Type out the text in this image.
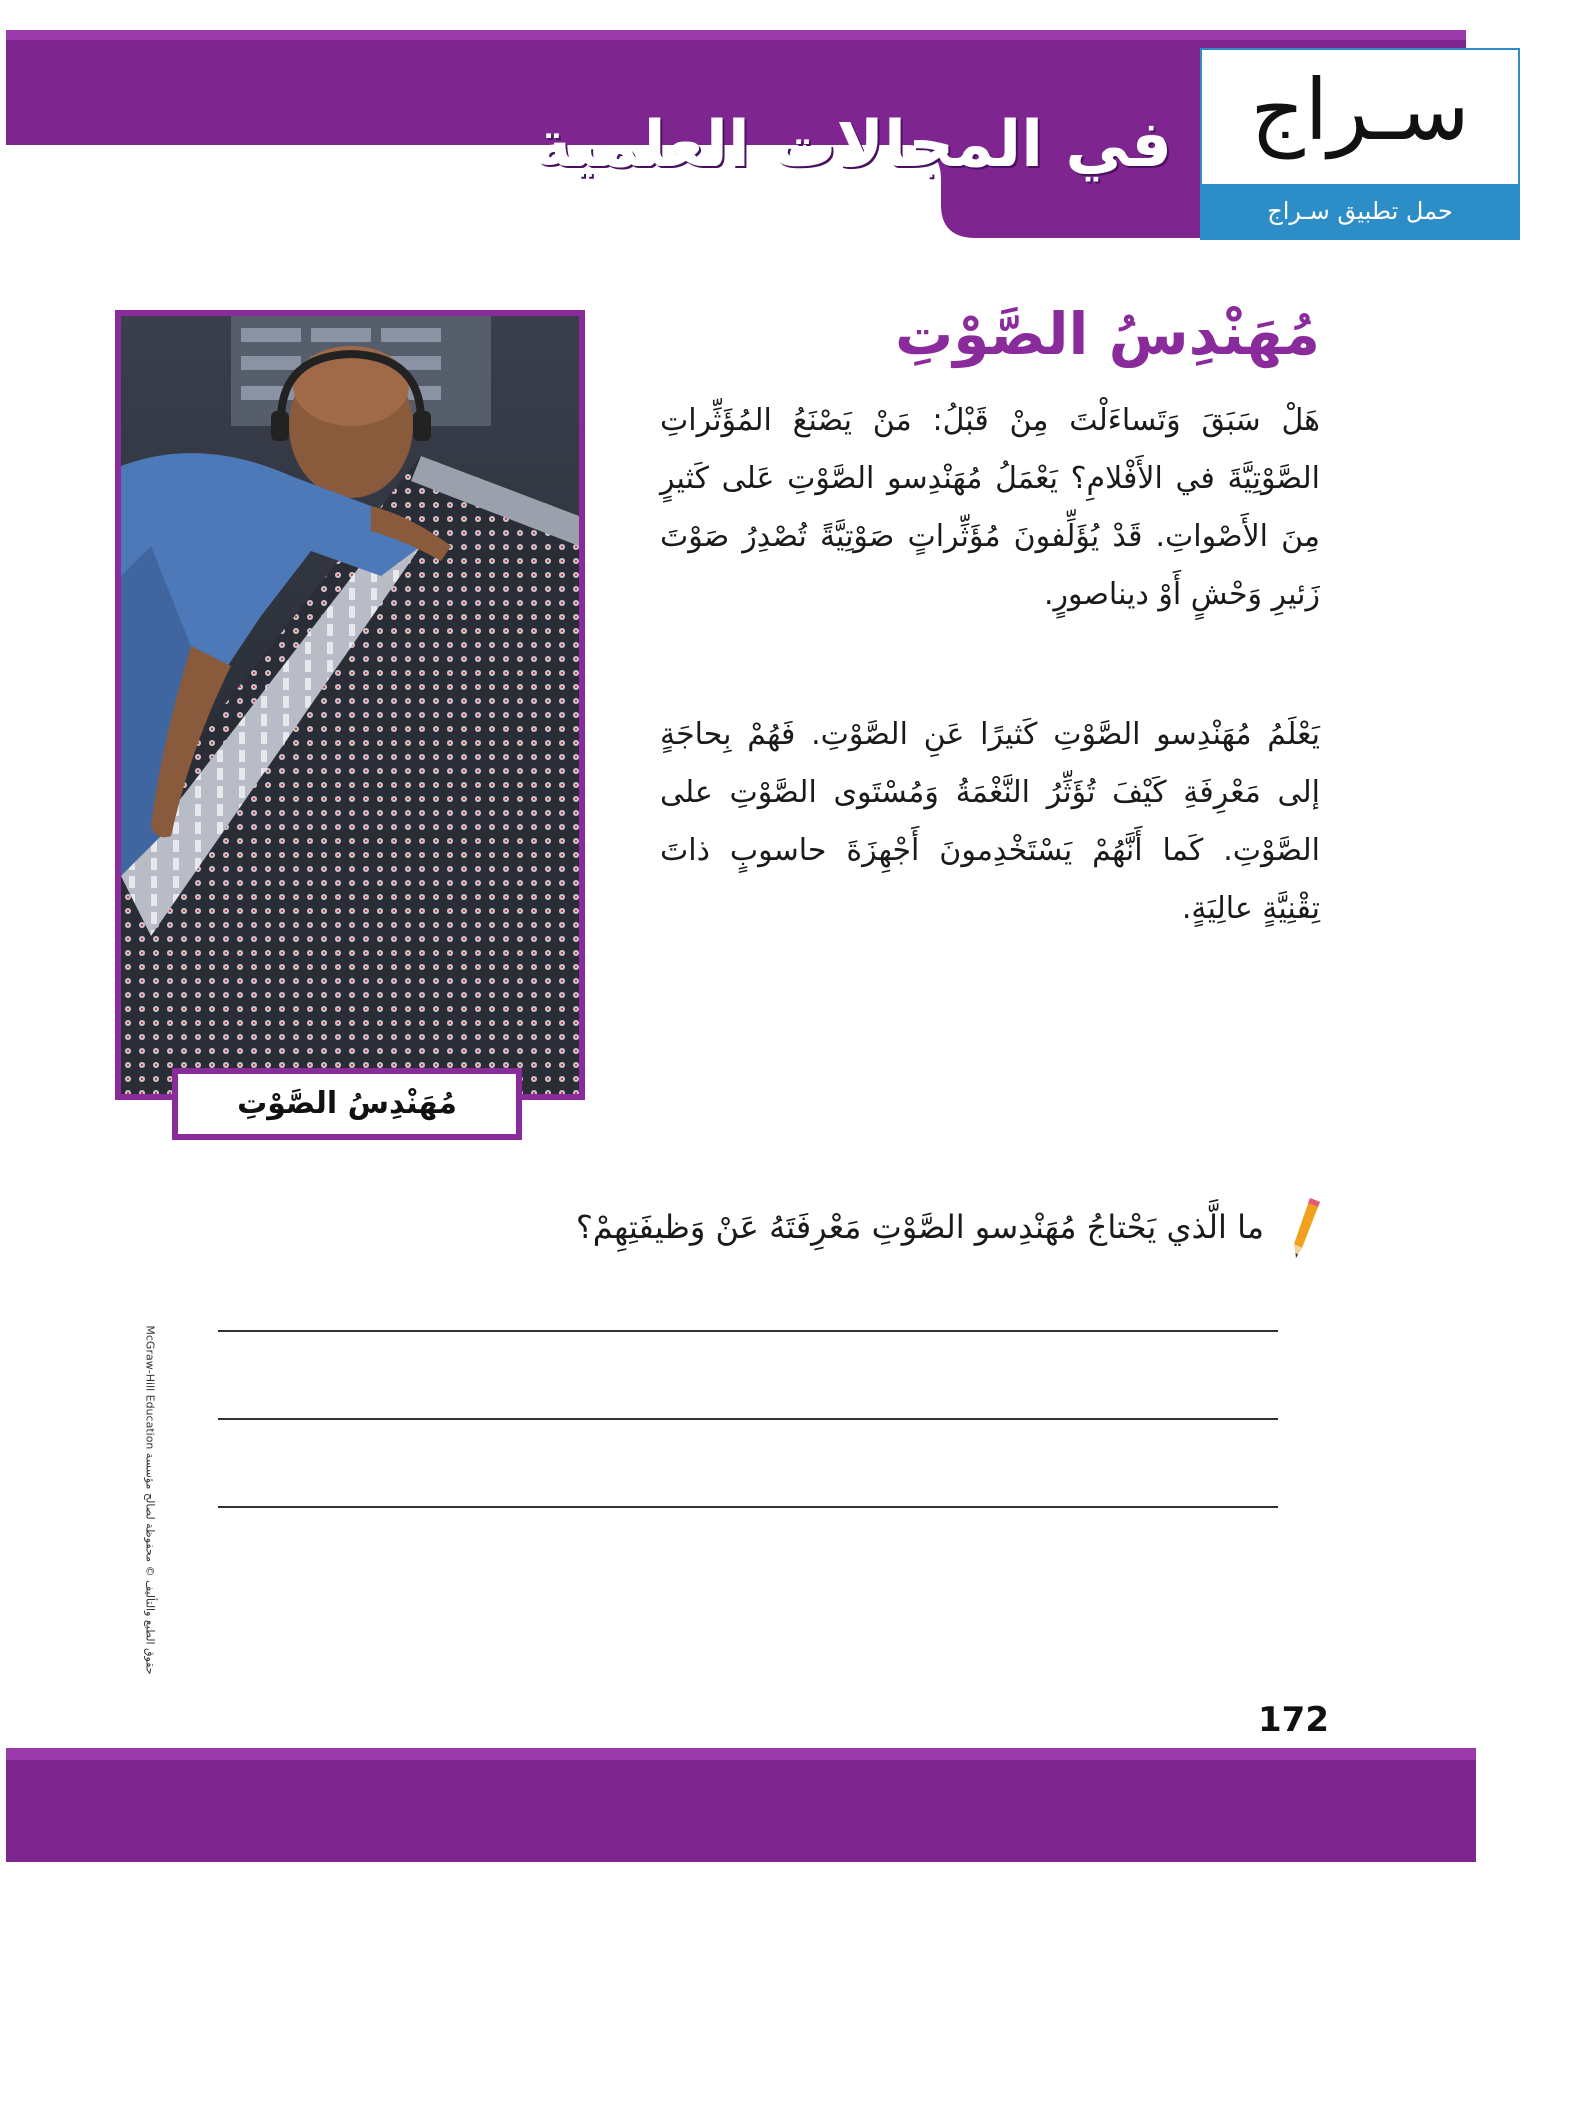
في المجالات العلمية سـراج
حمل تطبيق سـراج
مُهَنْدِسُ الصَّوْتِ
مُهَنْدِسُ الصَّوْتِ
هَلْ سَبَقَ وَتَساءَلْتَ مِنْ قَبْلُ: مَنْ يَصْنَعُ المُؤَثِّراتِ الصَّوْتِيَّةَ في الأَفْلامِ؟ يَعْمَلُ مُهَنْدِسو الصَّوْتِ عَلى كَثيرٍ مِنَ الأَصْواتِ. قَدْ يُؤَلِّفونَ مُؤَثِّراتٍ صَوْتِيَّةً تُصْدِرُ صَوْتَ زَئيرِ وَحْشٍ أَوْ ديناصورٍ.
يَعْلَمُ مُهَنْدِسو الصَّوْتِ كَثيرًا عَنِ الصَّوْتِ. فَهُمْ بِحاجَةٍ إلى مَعْرِفَةِ كَيْفَ تُؤَثِّرُ النَّغْمَةُ وَمُسْتَوى الصَّوْتِ على الصَّوْتِ. كَما أَنَّهُمْ يَسْتَخْدِمونَ أَجْهِزَةَ حاسوبٍ ذاتَ تِقْنِيَّةٍ عالِيَةٍ.
ما الَّذي يَحْتاجُ مُهَنْدِسو الصَّوْتِ مَعْرِفَتَهُ عَنْ وَظيفَتِهِمْ؟
McGraw-Hill Education حقوق الطبع والتأليف © محفوظة لصالح مؤسسة
172
